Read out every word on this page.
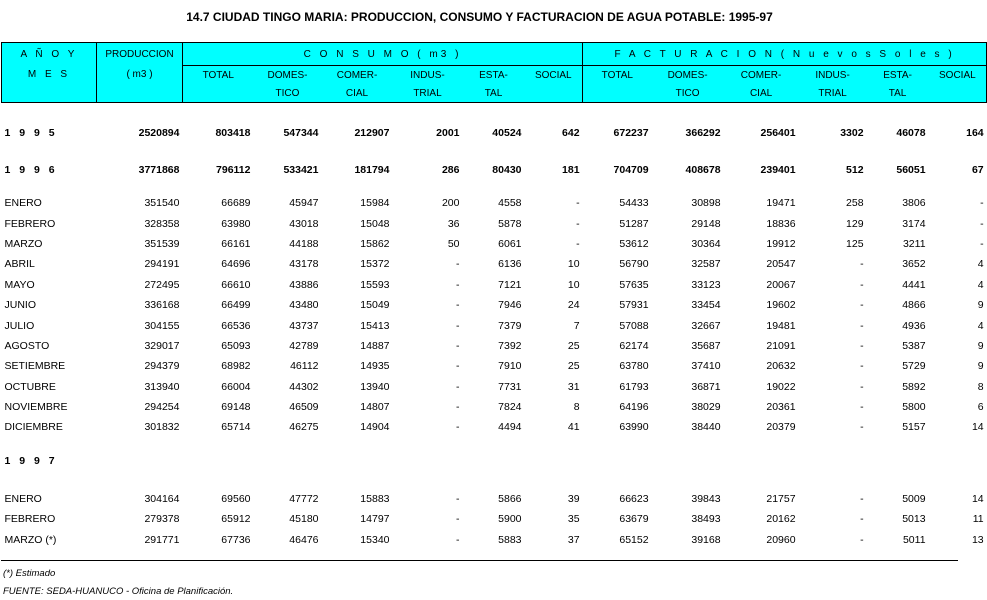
14.7 CIUDAD TINGO MARIA: PRODUCCION, CONSUMO Y FACTURACION DE AGUA POTABLE: 1995-97
A Ñ O Y	PRODUCCION	C O N S U M O ( m3 )						F A C T U R A C I O N ( N u e v o s S o l e s )					
M E S	( m3 )	TOTAL	DOMES-	COMER-	INDUS-	ESTA-	SOCIAL	TOTAL	DOMES-	COMER-	INDUS-	ESTA-	SOCIAL
			TICO	CIAL	TRIAL	TAL			TICO	CIAL	TRIAL	TAL	

1 9 9 5	2520894	803418	547344	212907	2001	40524	642	672237	366292	256401	3302	46078	164

1 9 9 6	3771868	796112	533421	181794	286	80430	181	704709	408678	239401	512	56051	67

ENERO	351540	66689	45947	15984	200	4558	-	54433	30898	19471	258	3806	-
FEBRERO	328358	63980	43018	15048	36	5878	-	51287	29148	18836	129	3174	-
MARZO	351539	66161	44188	15862	50	6061	-	53612	30364	19912	125	3211	-
ABRIL	294191	64696	43178	15372	-	6136	10	56790	32587	20547	-	3652	4
MAYO	272495	66610	43886	15593	-	7121	10	57635	33123	20067	-	4441	4
JUNIO	336168	66499	43480	15049	-	7946	24	57931	33454	19602	-	4866	9
JULIO	304155	66536	43737	15413	-	7379	7	57088	32667	19481	-	4936	4
AGOSTO	329017	65093	42789	14887	-	7392	25	62174	35687	21091	-	5387	9
SETIEMBRE	294379	68982	46112	14935	-	7910	25	63780	37410	20632	-	5729	9
OCTUBRE	313940	66004	44302	13940	-	7731	31	61793	36871	19022	-	5892	8
NOVIEMBRE	294254	69148	46509	14807	-	7824	8	64196	38029	20361	-	5800	6
DICIEMBRE	301832	65714	46275	14904	-	4494	41	63990	38440	20379	-	5157	14

1 9 9 7													

ENERO	304164	69560	47772	15883	-	5866	39	66623	39843	21757	-	5009	14
FEBRERO	279378	65912	45180	14797	-	5900	35	63679	38493	20162	-	5013	11
MARZO (*)	291771	67736	46476	15340	-	5883	37	65152	39168	20960	-	5011	13
(*) Estimado
FUENTE: SEDA-HUANUCO - Oficina de Planificación.
